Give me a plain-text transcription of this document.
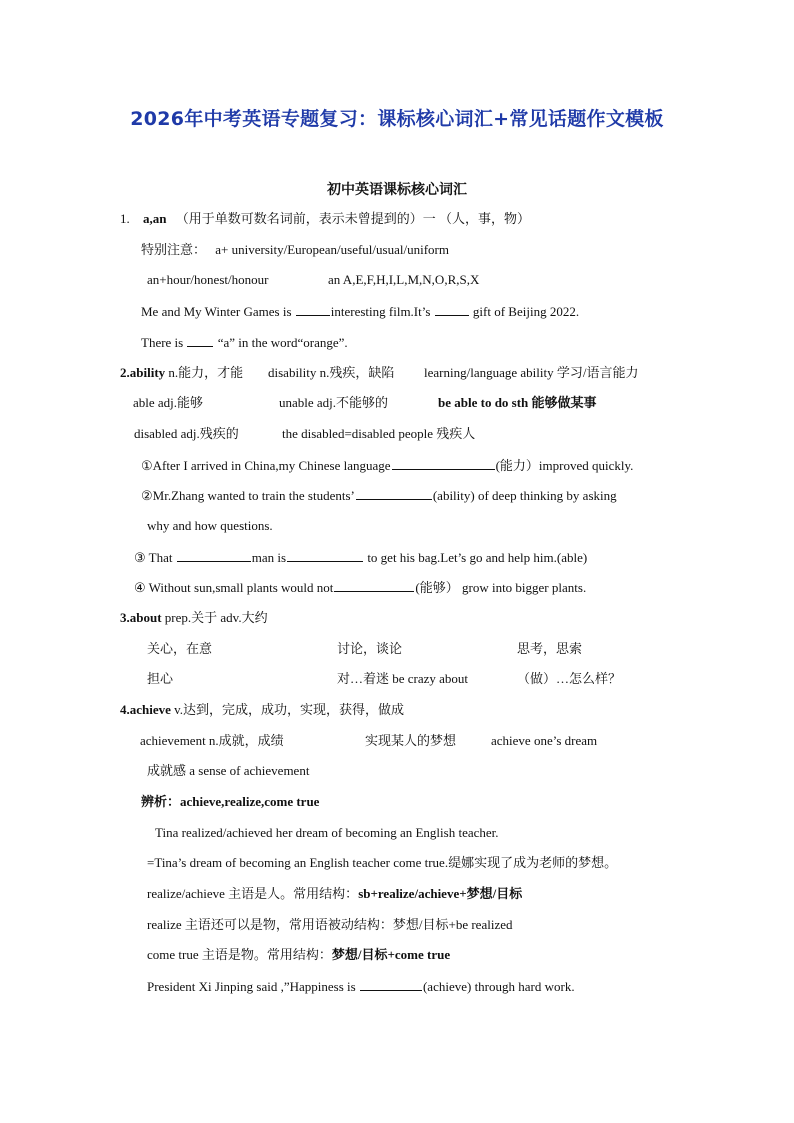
2026年中考英语专题复习：课标核心词汇+常见话题作文模板
初中英语课标核心词汇
1. a,an （用于单数可数名词前，表示未曾提到的）一 （人，事，物）
特别注意： a+ university/European/useful/usual/uniform
an+hour/honest/honour	an A,E,F,H,I,L,M,N,O,R,S,X
Me and My Winter Games is	interesting film.It’s	gift of Beijing 2022.
There is  “a” in the word“orange”.
2.ability n.能力，才能 disability n.残疾，缺陷 learning/language ability 学习/语言能力
able adj.能够	unable adj.不能够的	be able to do sth 能够做某事
disabled adj.残疾的	the disabled=disabled people 残疾人
①After I arrived in China,my Chinese language	(能力）improved quickly.
②Mr.Zhang wanted to train the students’	(ability) of deep thinking by asking
why and how questions.
③ That	man is	to get his bag.Let’s go and help him.(able)
④ Without sun,small plants would not	(能够） grow into bigger plants.
3.about prep.关于 adv.大约
关心，在意	讨论，谈论	思考，思索
担心	对…着迷 be crazy about	（做）…怎么样？
4.achieve v.达到，完成，成功，实现，获得，做成
achievement n.成就，成绩	实现某人的梦想	achieve one’s dream
成就感 a sense of achievement
辨析：achieve,realize,come true
Tina realized/achieved her dream of becoming an English teacher.
=Tina’s dream of becoming an English teacher come true.缇娜实现了成为老师的梦想。
realize/achieve 主语是人。常用结构：sb+realize/achieve+梦想/目标
realize 主语还可以是物，常用语被动结构：梦想/目标+be realized
come true 主语是物。常用结构：梦想/目标+come true
President Xi Jinping said ,”Happiness is	(achieve) through hard work.
